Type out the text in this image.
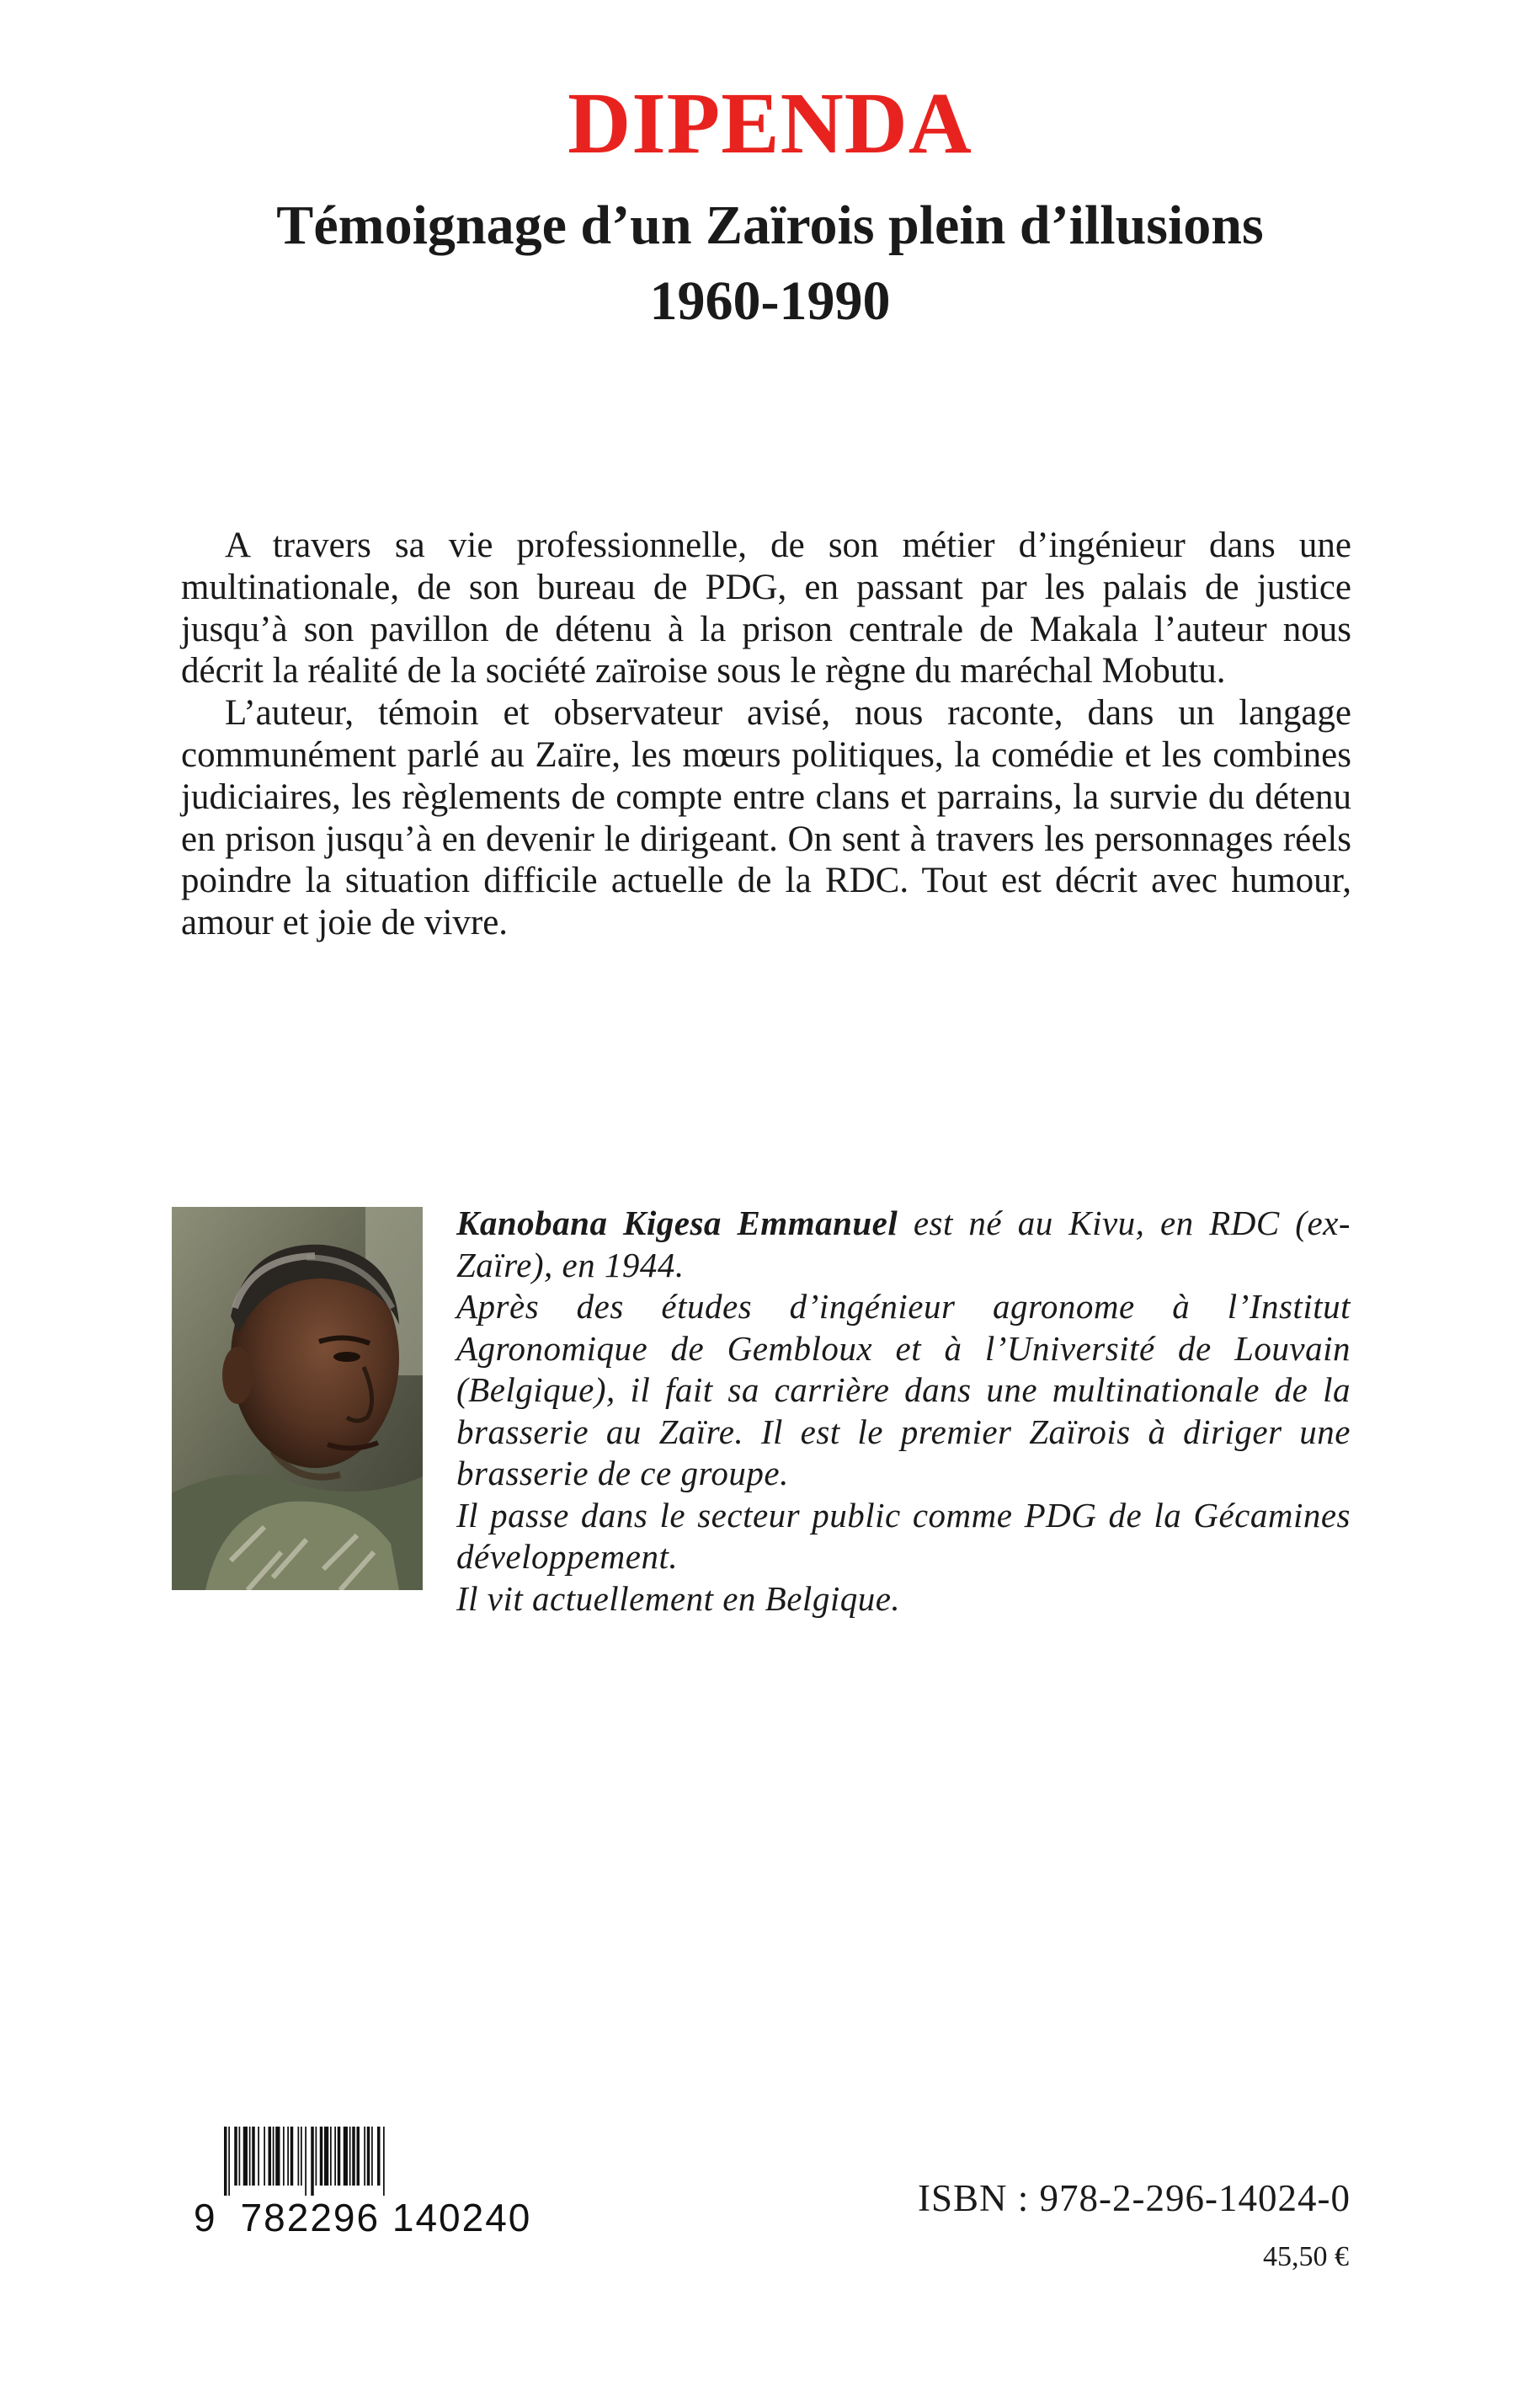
DIPENDA
Témoignage d’un Zaïrois plein d’illusions
1960-1990

A travers sa vie professionnelle, de son métier d’ingénieur dans une multinationale, de son bureau de PDG, en passant par les palais de justice jusqu’à son pavillon de détenu à la prison centrale de Makala l’auteur nous décrit la réalité de la société zaïroise sous le règne du maréchal Mobutu.

L’auteur, témoin et observateur avisé, nous raconte, dans un langage communément parlé au Zaïre, les mœurs politiques, la comédie et les combines judiciaires, les règlements de compte entre clans et parrains, la survie du détenu en prison jusqu’à en devenir le dirigeant. On sent à travers les personnages réels poindre la situation difficile actuelle de la RDC. Tout est décrit avec humour, amour et joie de vivre.

Kanobana Kigesa Emmanuel est né au Kivu, en RDC (ex-Zaïre), en 1944.

Après des études d’ingénieur agronome à l’Institut Agronomique de Gembloux et à l’Université de Louvain (Belgique), il fait sa carrière dans une multinationale de la brasserie au Zaïre. Il est le premier Zaïrois à diriger une brasserie de ce groupe.

Il passe dans le secteur public comme PDG de la Gécamines développement.

Il vit actuellement en Belgique.

9 782296 140240	ISBN : 978-2-296-14024-0
45,50 €
